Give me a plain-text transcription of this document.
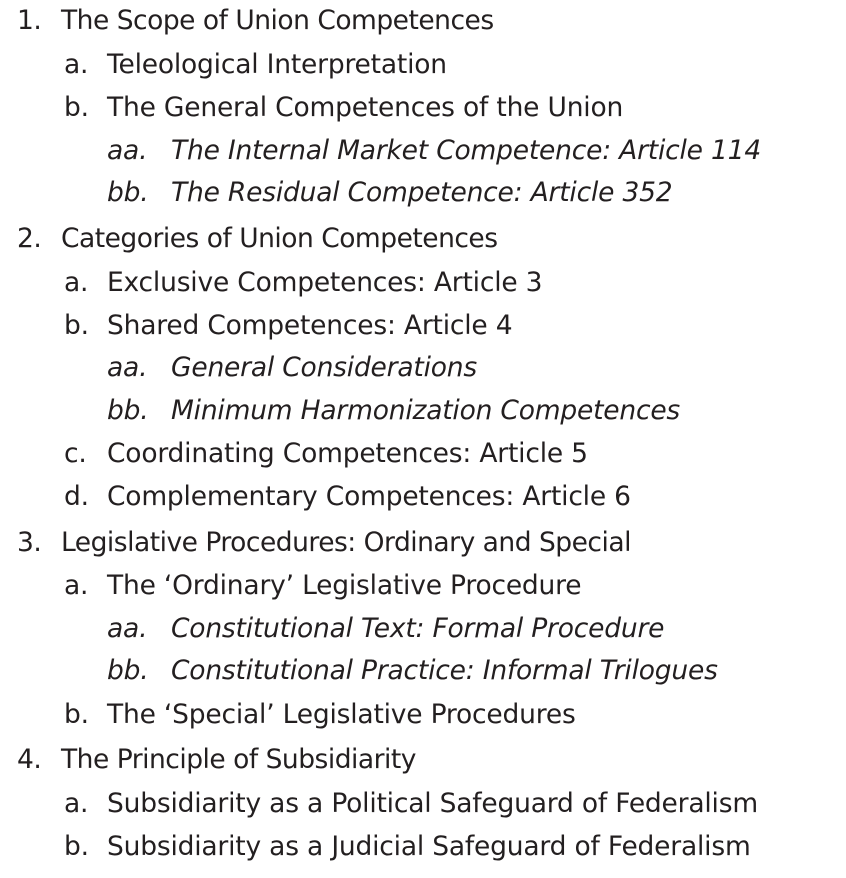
1. The Scope of Union Competences
a. Teleological Interpretation
b. The General Competences of the Union
aa. The Internal Market Competence: Article 114
bb. The Residual Competence: Article 352
2. Categories of Union Competences
a. Exclusive Competences: Article 3
b. Shared Competences: Article 4
aa. General Considerations
bb. Minimum Harmonization Competences
c. Coordinating Competences: Article 5
d. Complementary Competences: Article 6
3. Legislative Procedures: Ordinary and Special
a. The ‘Ordinary’ Legislative Procedure
aa. Constitutional Text: Formal Procedure
bb. Constitutional Practice: Informal Trilogues
b. The ‘Special’ Legislative Procedures
4. The Principle of Subsidiarity
a. Subsidiarity as a Political Safeguard of Federalism
b. Subsidiarity as a Judicial Safeguard of Federalism
